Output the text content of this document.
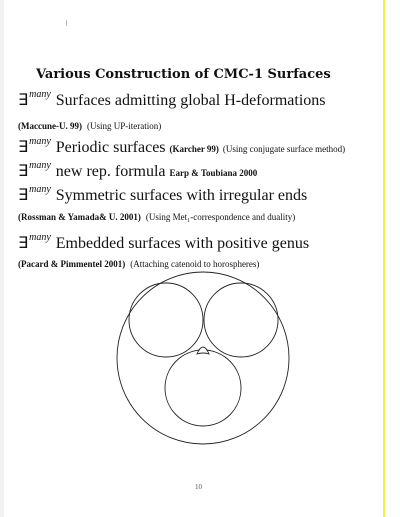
Various Construction of CMC-1 Surfaces
∃$^{many}$ Surfaces admitting global H-deformations
(Maccune-U. 99) (Using UP-iteration)
∃$^{many}$ Periodic surfaces (Karcher 99) (Using conjugate surface method)
∃$^{many}$ new rep. formula Earp & Toubiana 2000
∃$^{many}$ Symmetric surfaces with irregular ends
(Rossman & Yamada& U. 2001) (Using Met₁-correspondence and duality)
∃$^{many}$ Embedded surfaces with positive genus
(Pacard & Pimmentel 2001) (Attaching catenoid to horospheres)
10
